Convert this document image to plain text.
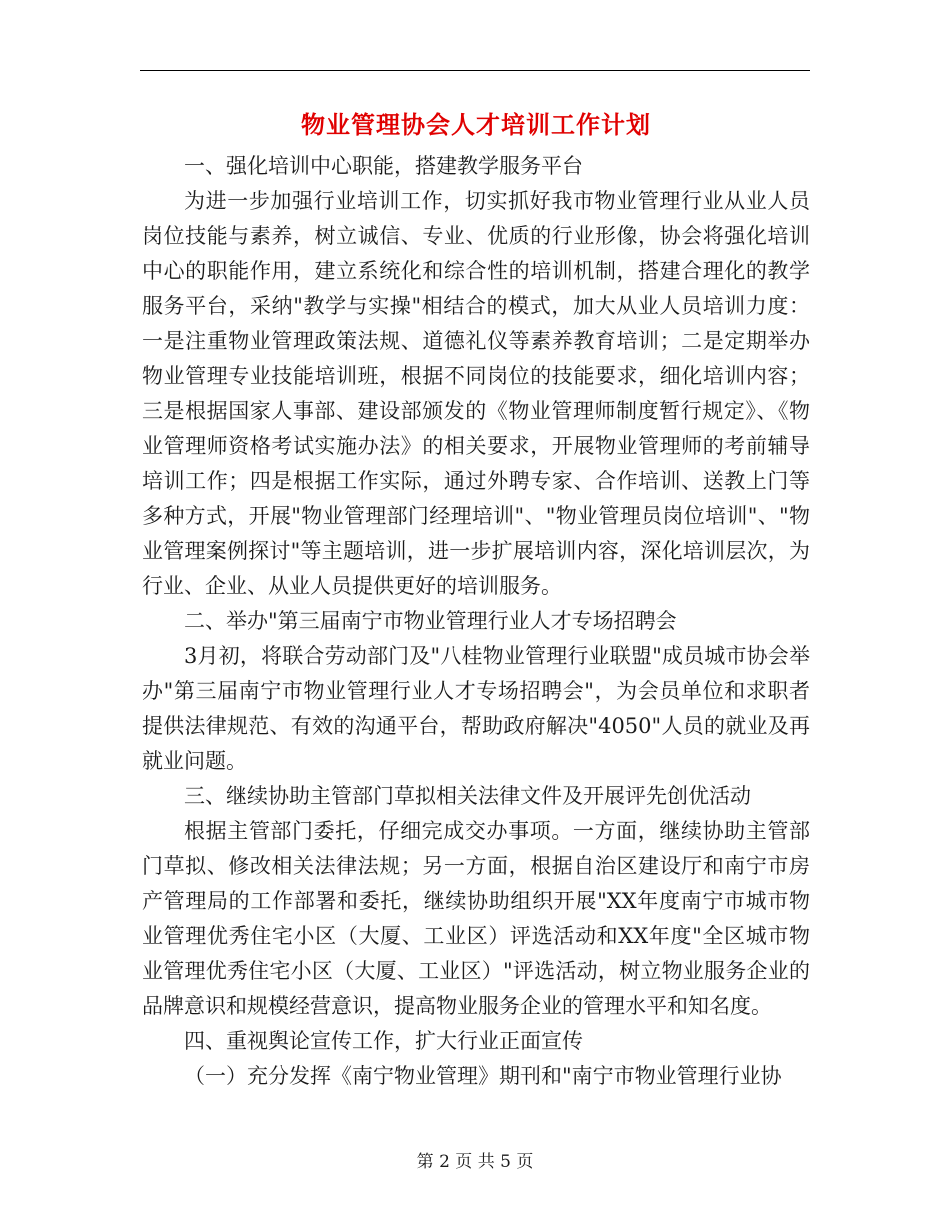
物业管理协会人才培训工作计划

一、强化培训中心职能，搭建教学服务平台

为进一步加强行业培训工作，切实抓好我市物业管理行业从业人员岗位技能与素养，树立诚信、专业、优质的行业形像，协会将强化培训中心的职能作用，建立系统化和综合性的培训机制，搭建合理化的教学服务平台，采纳"教学与实操"相结合的模式，加大从业人员培训力度：一是注重物业管理政策法规、道德礼仪等素养教育培训；二是定期举办物业管理专业技能培训班，根据不同岗位的技能要求，细化培训内容；三是根据国家人事部、建设部颁发的《物业管理师制度暂行规定》、《物业管理师资格考试实施办法》的相关要求，开展物业管理师的考前辅导培训工作；四是根据工作实际，通过外聘专家、合作培训、送教上门等多种方式，开展"物业管理部门经理培训"、"物业管理员岗位培训"、"物业管理案例探讨"等主题培训，进一步扩展培训内容，深化培训层次，为行业、企业、从业人员提供更好的培训服务。

二、举办"第三届南宁市物业管理行业人才专场招聘会

3月初，将联合劳动部门及"八桂物业管理行业联盟"成员城市协会举办"第三届南宁市物业管理行业人才专场招聘会"，为会员单位和求职者提供法律规范、有效的沟通平台，帮助政府解决"4050"人员的就业及再就业问题。

三、继续协助主管部门草拟相关法律文件及开展评先创优活动

根据主管部门委托，仔细完成交办事项。一方面，继续协助主管部门草拟、修改相关法律法规；另一方面，根据自治区建设厅和南宁市房产管理局的工作部署和委托，继续协助组织开展"XX年度南宁市城市物业管理优秀住宅小区（大厦、工业区）评选活动和XX年度"全区城市物业管理优秀住宅小区（大厦、工业区）"评选活动，树立物业服务企业的品牌意识和规模经营意识，提高物业服务企业的管理水平和知名度。

四、重视舆论宣传工作，扩大行业正面宣传

（一）充分发挥《南宁物业管理》期刊和"南宁市物业管理行业协

第 2 页 共 5 页
